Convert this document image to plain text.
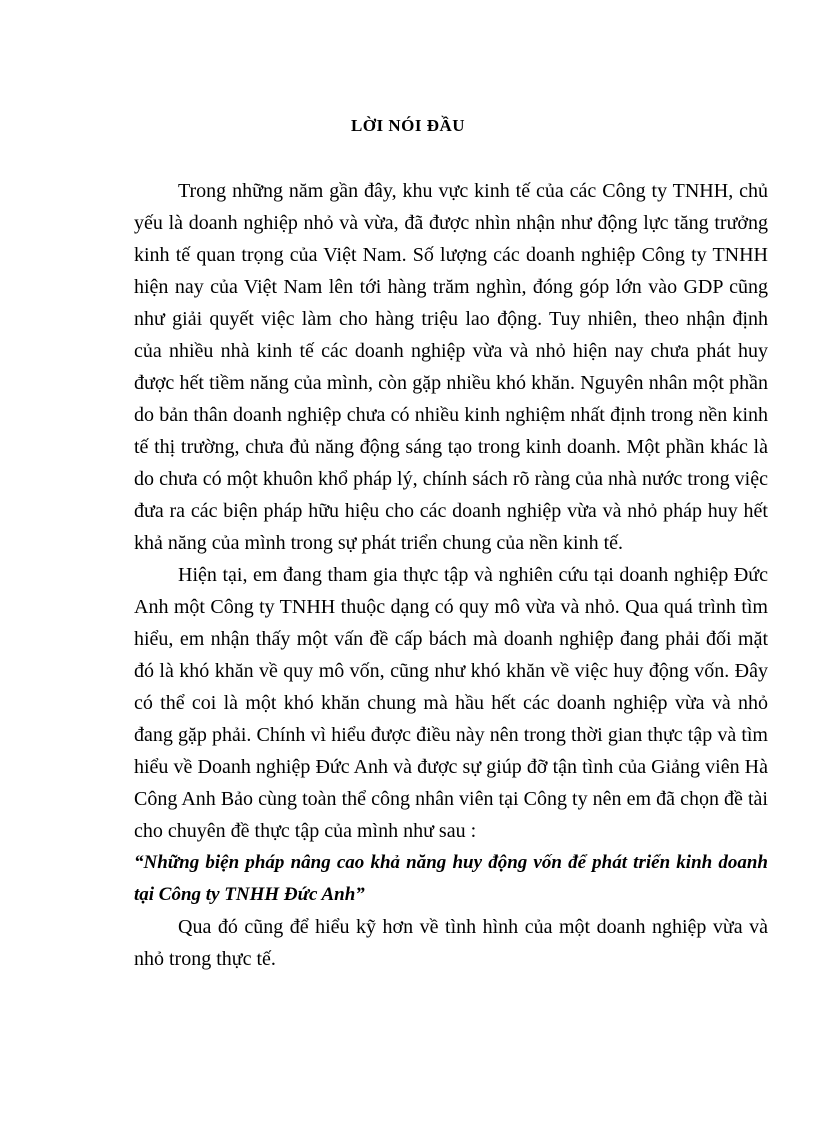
LỜI NÓI ĐẦU

Trong những năm gần đây, khu vực kinh tế của các Công ty TNHH, chủ yếu là doanh nghiệp nhỏ và vừa, đã được nhìn nhận như động lực tăng trưởng kinh tế quan trọng của Việt Nam. Số lượng các doanh nghiệp Công ty TNHH hiện nay của Việt Nam lên tới hàng trăm nghìn, đóng góp lớn vào GDP cũng như giải quyết việc làm cho hàng triệu lao động. Tuy nhiên, theo nhận định của nhiều nhà kinh tế các doanh nghiệp vừa và nhỏ hiện nay chưa phát huy được hết tiềm năng của mình, còn gặp nhiều khó khăn. Nguyên nhân một phần do bản thân doanh nghiệp chưa có nhiều kinh nghiệm nhất định trong nền kinh tế thị trường, chưa đủ năng động sáng tạo trong kinh doanh. Một phần khác là do chưa có một khuôn khổ pháp lý, chính sách rõ ràng của nhà nước trong việc đưa ra các biện pháp hữu hiệu cho các doanh nghiệp vừa và nhỏ pháp huy hết khả năng của mình trong sự phát triển chung của nền kinh tế.

Hiện tại, em đang tham gia thực tập và nghiên cứu tại doanh nghiệp Đức Anh một Công ty TNHH thuộc dạng có quy mô vừa và nhỏ. Qua quá trình tìm hiểu, em nhận thấy một vấn đề cấp bách mà doanh nghiệp đang phải đối mặt đó là khó khăn về quy mô vốn, cũng như khó khăn về việc huy động vốn. Đây có thể coi là một khó khăn chung mà hầu hết các doanh nghiệp vừa và nhỏ đang gặp phải. Chính vì hiểu được điều này nên trong thời gian thực tập và tìm hiểu về Doanh nghiệp Đức Anh và được sự giúp đỡ tận tình của Giảng viên Hà Công Anh Bảo cùng toàn thể công nhân viên tại Công ty nên em đã chọn đề tài cho chuyên đề thực tập của mình như sau :

“Những biện pháp nâng cao khả năng huy động vốn để phát triển kinh doanh tại Công ty TNHH Đức Anh”

Qua đó cũng để hiểu kỹ hơn về tình hình của một doanh nghiệp vừa và nhỏ trong thực tế.
